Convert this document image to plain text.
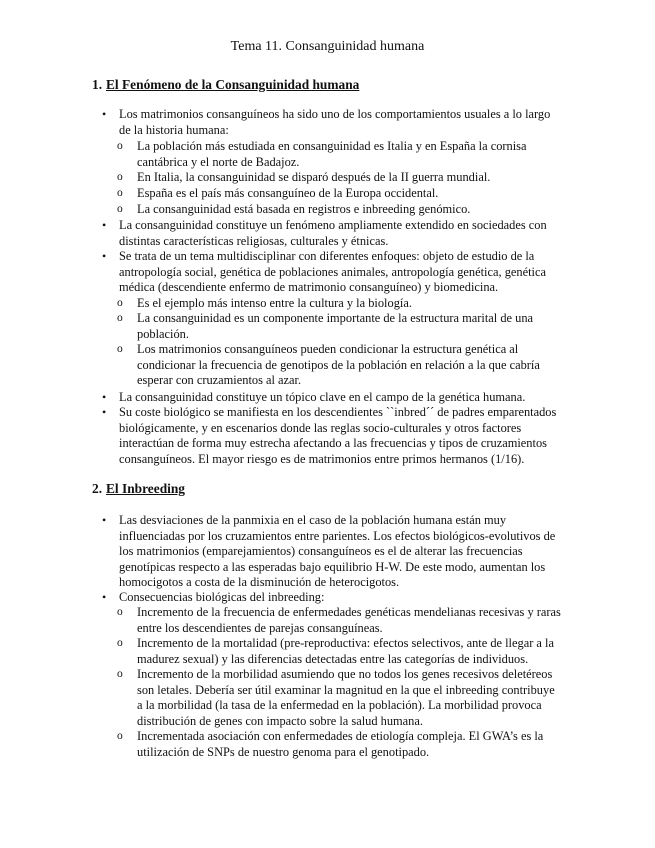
Tema 11. Consanguinidad humana
1. El Fenómeno de la Consanguinidad humana
• Los matrimonios consanguíneos ha sido uno de los comportamientos usuales a lo largo de la historia humana:
o La población más estudiada en consanguinidad es Italia y en España la cornisa cantábrica y el norte de Badajoz.
o En Italia, la consanguinidad se disparó después de la II guerra mundial.
o España es el país más consanguíneo de la Europa occidental.
o La consanguinidad está basada en registros e inbreeding genómico.
• La consanguinidad constituye un fenómeno ampliamente extendido en sociedades con distintas características religiosas, culturales y étnicas.
• Se trata de un tema multidisciplinar con diferentes enfoques: objeto de estudio de la antropología social, genética de poblaciones animales, antropología genética, genética médica (descendiente enfermo de matrimonio consanguíneo) y biomedicina.
o Es el ejemplo más intenso entre la cultura y la biología.
o La consanguinidad es un componente importante de la estructura marital de una población.
o Los matrimonios consanguíneos pueden condicionar la estructura genética al condicionar la frecuencia de genotipos de la población en relación a la que cabría esperar con cruzamientos al azar.
• La consanguinidad constituye un tópico clave en el campo de la genética humana.
• Su coste biológico se manifiesta en los descendientes ``inbred´´ de padres emparentados biológicamente, y en escenarios donde las reglas socio-culturales y otros factores interactúan de forma muy estrecha afectando a las frecuencias y tipos de cruzamientos consanguíneos. El mayor riesgo es de matrimonios entre primos hermanos (1/16).
2. El Inbreeding
• Las desviaciones de la panmixia en el caso de la población humana están muy influenciadas por los cruzamientos entre parientes. Los efectos biológicos-evolutivos de los matrimonios (emparejamientos) consanguíneos es el de alterar las frecuencias genotípicas respecto a las esperadas bajo equilibrio H-W. De este modo, aumentan los homocigotos a costa de la disminución de heterocigotos.
• Consecuencias biológicas del inbreeding:
o Incremento de la frecuencia de enfermedades genéticas mendelianas recesivas y raras entre los descendientes de parejas consanguíneas.
o Incremento de la mortalidad (pre-reproductiva: efectos selectivos, ante de llegar a la madurez sexual) y las diferencias detectadas entre las categorías de individuos.
o Incremento de la morbilidad asumiendo que no todos los genes recesivos deletéreos son letales. Debería ser útil examinar la magnitud en la que el inbreeding contribuye a la morbilidad (la tasa de la enfermedad en la población). La morbilidad provoca distribución de genes con impacto sobre la salud humana.
o Incrementada asociación con enfermedades de etiología compleja. El GWA’s es la utilización de SNPs de nuestro genoma para el genotipado.
